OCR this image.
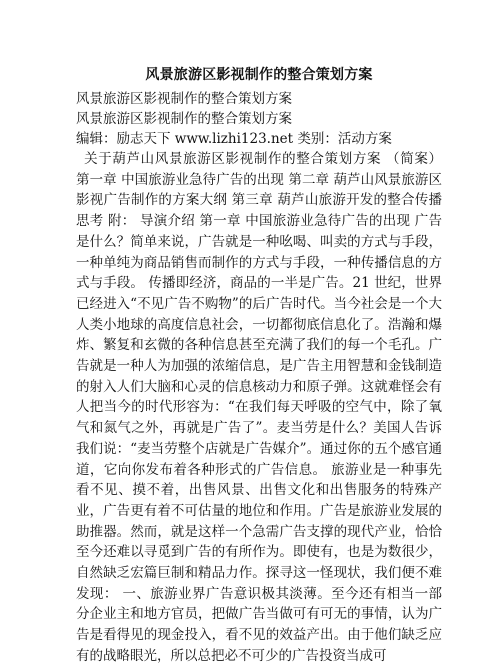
风景旅游区影视制作的整合策划方案
风景旅游区影视制作的整合策划方案
风景旅游区影视制作的整合策划方案
编辑：励志天下 www.lizhi123.net 类别：活动方案

关于葫芦山风景旅游区影视制作的整合策划方案 （简案） 第一章 中国旅游业急待广告的出现 第二章 葫芦山风景旅游区影视广告制作的方案大纲 第三章 葫芦山旅游开发的整合传播思考 附： 导演介绍 第一章 中国旅游业急待广告的出现 广告是什么？简单来说，广告就是一种吆喝、叫卖的方式与手段，一种单纯为商品销售而制作的方式与手段，一种传播信息的方式与手段。 传播即经济，商品的一半是广告。21 世纪，世界已经进入“不见广告不购物”的后广告时代。当今社会是一个大人类小地球的高度信息社会，一切都彻底信息化了。浩瀚和爆炸、繁复和玄微的各种信息甚至充满了我们的每一个毛孔。广告就是一种人为加强的浓缩信息，是广告主用智慧和金钱制造的射入人们大脑和心灵的信息核动力和原子弹。这就难怪会有人把当今的时代形容为：“在我们每天呼吸的空气中，除了氧气和氮气之外，再就是广告了”。麦当劳是什么？美国人告诉我们说：“麦当劳整个店就是广告媒介”。通过你的五个感官通道，它向你发布着各种形式的广告信息。 旅游业是一种事先看不见、摸不着，出售风景、出售文化和出售服务的特殊产业，广告更有着不可估量的地位和作用。广告是旅游业发展的助推器。然而，就是这样一个急需广告支撑的现代产业，恰恰至今还难以寻觅到广告的有所作为。即使有，也是为数很少，自然缺乏宏篇巨制和精品力作。探寻这一怪现状，我们便不难发现： 一、旅游业界广告意识极其淡薄。至今还有相当一部分企业主和地方官员，把做广告当做可有可无的事情，认为广告是看得见的现金投入，看不见的效益产出。由于他们缺乏应有的战略眼光，所以总把必不可少的广告投资当成可
